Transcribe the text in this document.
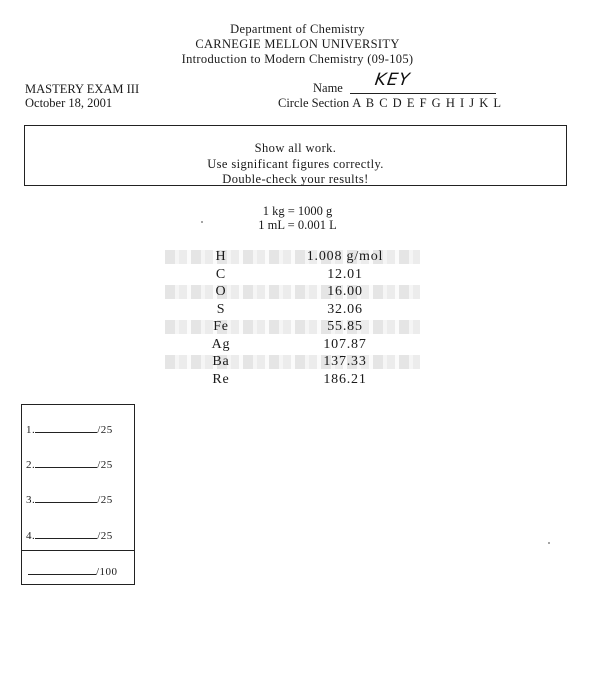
Department of Chemistry
CARNEGIE MELLON UNIVERSITY
Introduction to Modern Chemistry (09-105)
MASTERY EXAM III
October 18, 2001
Name KEY
Circle Section A B C D E F G H I J K L
Show all work.
Use significant figures correctly.
Double-check your results!
1 kg = 1000 g
1 mL = 0.001 L
H	1.008 g/mol
C	12.01
O	16.00
S	32.06
Fe	55.85
Ag	107.87
Ba	137.33
Re	186.21
1.	/25
2.	/25
3.	/25
4.	/25
/100
